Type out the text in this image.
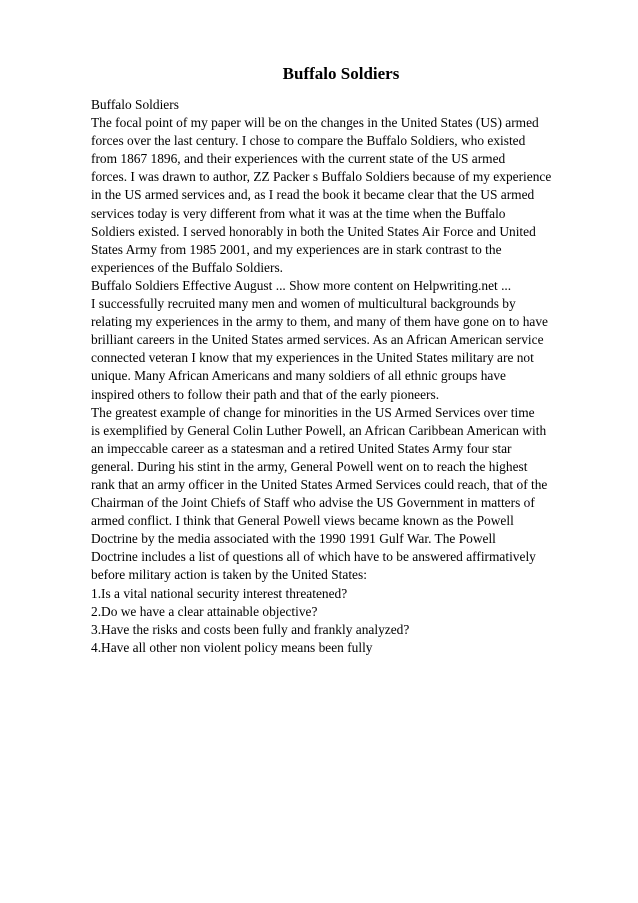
Buffalo Soldiers
Buffalo Soldiers
The focal point of my paper will be on the changes in the United States (US) armed
forces over the last century. I chose to compare the Buffalo Soldiers, who existed
from 1867 1896, and their experiences with the current state of the US armed
forces. I was drawn to author, ZZ Packer s Buffalo Soldiers because of my experience
in the US armed services and, as I read the book it became clear that the US armed
services today is very different from what it was at the time when the Buffalo
Soldiers existed. I served honorably in both the United States Air Force and United
States Army from 1985 2001, and my experiences are in stark contrast to the
experiences of the Buffalo Soldiers.
Buffalo Soldiers Effective August ... Show more content on Helpwriting.net ...
I successfully recruited many men and women of multicultural backgrounds by
relating my experiences in the army to them, and many of them have gone on to have
brilliant careers in the United States armed services. As an African American service
connected veteran I know that my experiences in the United States military are not
unique. Many African Americans and many soldiers of all ethnic groups have
inspired others to follow their path and that of the early pioneers.
The greatest example of change for minorities in the US Armed Services over time
is exemplified by General Colin Luther Powell, an African Caribbean American with
an impeccable career as a statesman and a retired United States Army four star
general. During his stint in the army, General Powell went on to reach the highest
rank that an army officer in the United States Armed Services could reach, that of the
Chairman of the Joint Chiefs of Staff who advise the US Government in matters of
armed conflict. I think that General Powell views became known as the Powell
Doctrine by the media associated with the 1990 1991 Gulf War. The Powell
Doctrine includes a list of questions all of which have to be answered affirmatively
before military action is taken by the United States:
1.Is a vital national security interest threatened?
2.Do we have a clear attainable objective?
3.Have the risks and costs been fully and frankly analyzed?
4.Have all other non violent policy means been fully
